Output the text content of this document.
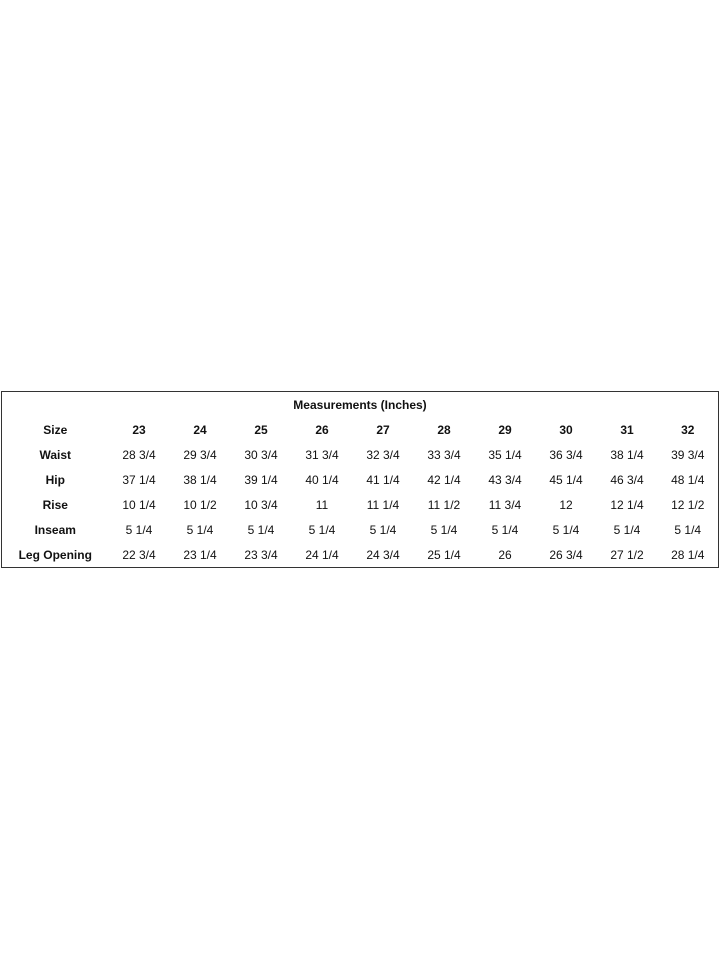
Measurements (Inches)										
Size	23	24	25	26	27	28	29	30	31	32
Waist	28 3/4	29 3/4	30 3/4	31 3/4	32 3/4	33 3/4	35 1/4	36 3/4	38 1/4	39 3/4
Hip	37 1/4	38 1/4	39 1/4	40 1/4	41 1/4	42 1/4	43 3/4	45 1/4	46 3/4	48 1/4
Rise	10 1/4	10 1/2	10 3/4	11	11 1/4	11 1/2	11 3/4	12	12 1/4	12 1/2
Inseam	5 1/4	5 1/4	5 1/4	5 1/4	5 1/4	5 1/4	5 1/4	5 1/4	5 1/4	5 1/4
Leg Opening	22 3/4	23 1/4	23 3/4	24 1/4	24 3/4	25 1/4	26	26 3/4	27 1/2	28 1/4
